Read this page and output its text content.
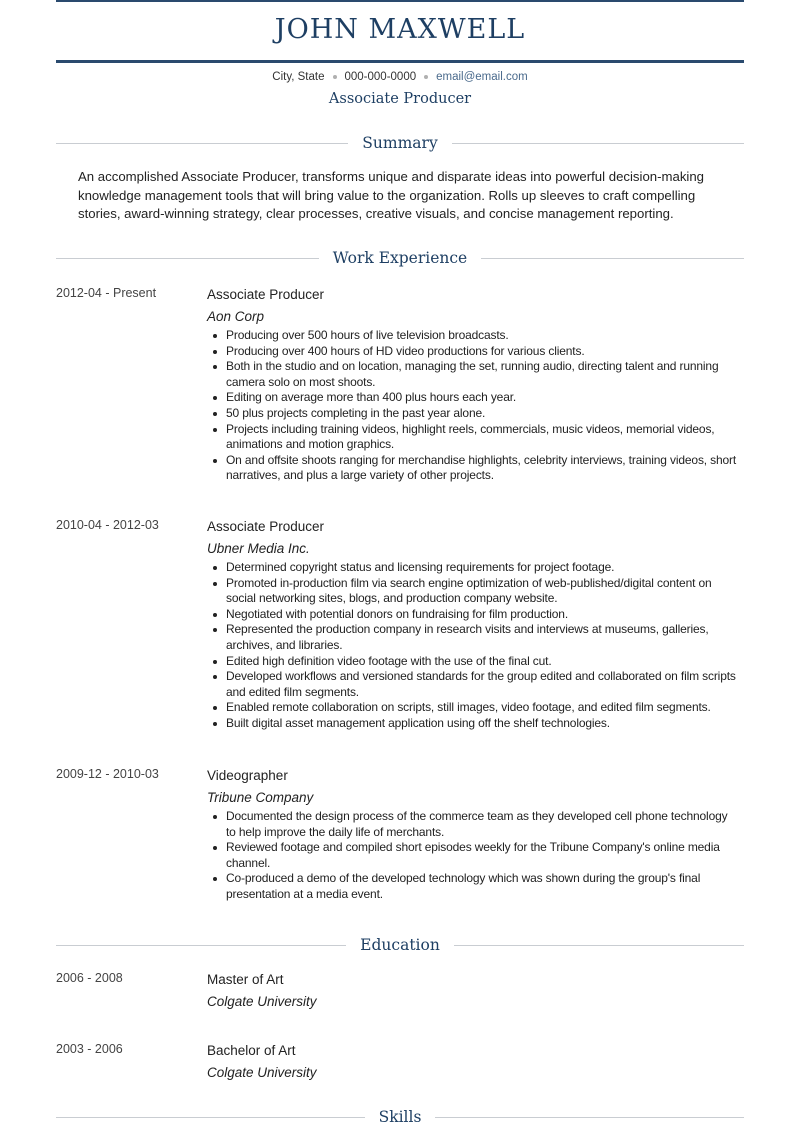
JOHN MAXWELL
City, State 000-000-0000 email@email.com
Associate Producer
Summary
An accomplished Associate Producer, transforms unique and disparate ideas into powerful decision-making knowledge management tools that will bring value to the organization. Rolls up sleeves to craft compelling stories, award-winning strategy, clear processes, creative visuals, and concise management reporting.
Work Experience
2012-04 - Present	Associate Producer
Aon Corp
Producing over 500 hours of live television broadcasts.
Producing over 400 hours of HD video productions for various clients.
Both in the studio and on location, managing the set, running audio, directing talent and running camera solo on most shoots.
Editing on average more than 400 plus hours each year.
50 plus projects completing in the past year alone.
Projects including training videos, highlight reels, commercials, music videos, memorial videos, animations and motion graphics.
On and offsite shoots ranging for merchandise highlights, celebrity interviews, training videos, short narratives, and plus a large variety of other projects.
2010-04 - 2012-03	Associate Producer
Ubner Media Inc.
Determined copyright status and licensing requirements for project footage.
Promoted in-production film via search engine optimization of web-published/digital content on social networking sites, blogs, and production company website.
Negotiated with potential donors on fundraising for film production.
Represented the production company in research visits and interviews at museums, galleries, archives, and libraries.
Edited high definition video footage with the use of the final cut.
Developed workflows and versioned standards for the group edited and collaborated on film scripts and edited film segments.
Enabled remote collaboration on scripts, still images, video footage, and edited film segments.
Built digital asset management application using off the shelf technologies.
2009-12 - 2010-03	Videographer
Tribune Company
Documented the design process of the commerce team as they developed cell phone technology to help improve the daily life of merchants.
Reviewed footage and compiled short episodes weekly for the Tribune Company's online media channel.
Co-produced a demo of the developed technology which was shown during the group's final presentation at a media event.
Education
2006 - 2008	Master of Art
Colgate University
2003 - 2006	Bachelor of Art
Colgate University
Skills
